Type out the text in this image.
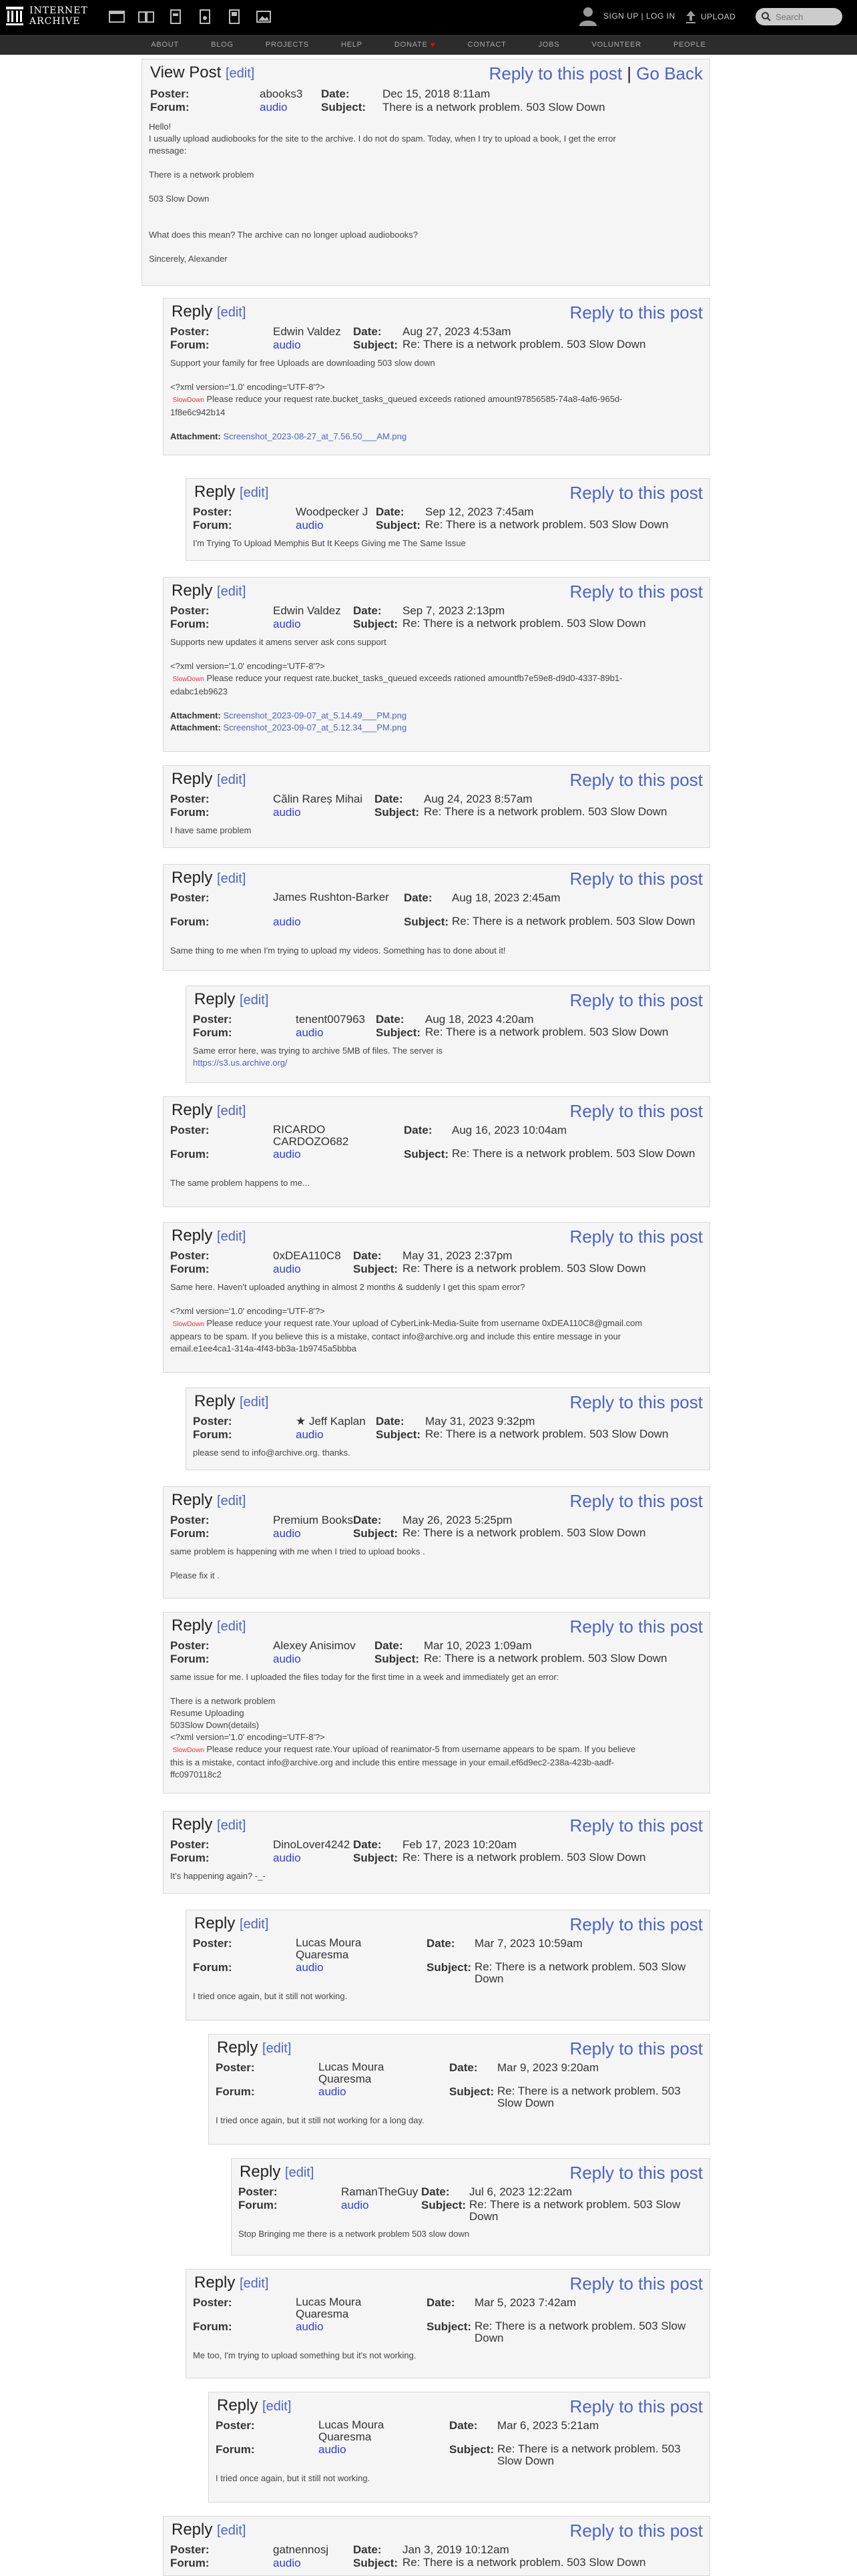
INTERNET
ARCHIVE	SIGN UP | LOG IN	UPLOAD
Search
ABOUT	BLOG	PROJECTS	HELP	DONATE ♥	CONTACT	JOBS	VOLUNTEER	PEOPLE
View Post [edit]	Reply to this post | Go Back
Poster:	abooks3 Date:	Dec 15, 2018 8:11am
Forum:	audio	Subject: There is a network problem. 503 Slow Down
Hello!
I usually upload audiobooks for the site to the archive. I do not do spam. Today, when I try to upload a book, I get the error
message:
There is a network problem
503 Slow Down
What does this mean? The archive can no longer upload audiobooks?
Sincerely, Alexander
Reply [edit]	Reply to this post
Poster:	Edwin Valdez Date: Aug 27, 2023 4:53am
Forum:	audio	Subject: Re: There is a network problem. 503 Slow Down
Support your family for free Uploads are downloading 503 slow down
<?xml version='1.0' encoding='UTF-8'?>
SlowDown Please reduce your request rate.bucket_tasks_queued exceeds rationed amount97856585-74a8-4af6-965d-
1f8e6c942b14
Attachment: Screenshot_2023-08-27_at_7.56.50___AM.png
Reply [edit]	Reply to this post
Poster:	Woodpecker J Date: Sep 12, 2023 7:45am
Forum:	audio	Subject: Re: There is a network problem. 503 Slow Down
I'm Trying To Upload Memphis But It Keeps Giving me The Same Issue
Reply [edit]	Reply to this post
Poster:	Edwin Valdez Date: Sep 7, 2023 2:13pm
Forum:	audio	Subject: Re: There is a network problem. 503 Slow Down
Supports new updates it amens server ask cons support
<?xml version='1.0' encoding='UTF-8'?>
SlowDown Please reduce your request rate.bucket_tasks_queued exceeds rationed amountfb7e59e8-d9d0-4337-89b1-
edabc1eb9623
Attachment: Screenshot_2023-09-07_at_5.14.49___PM.png
Attachment: Screenshot_2023-09-07_at_5.12.34___PM.png
Reply [edit]	Reply to this post
Poster:	Călin Rareș Mihai Date: Aug 24, 2023 8:57am
Forum:	audio	Subject: Re: There is a network problem. 503 Slow Down
I have same problem
Reply [edit]	Reply to this post
Poster:	James Rushton-Barker	Date: Aug 18, 2023 2:45am
Forum:	audio	Subject: Re: There is a network problem. 503 Slow Down
Same thing to me when I'm trying to upload my videos. Something has to done about it!
Reply [edit]	Reply to this post
Poster:	tenent007963 Date: Aug 18, 2023 4:20am
Forum:	audio	Subject: Re: There is a network problem. 503 Slow Down
Same error here, was trying to archive 5MB of files. The server is
https://s3.us.archive.org/
Reply [edit]	Reply to this post
Poster:	RICARDO CARDOZO682
Date: Aug 16, 2023 10:04am
Forum:	audio	Subject: Re: There is a network problem. 503 Slow Down
The same problem happens to me...
Reply [edit]	Reply to this post
Poster:	0xDEA110C8 Date: May 31, 2023 2:37pm
Forum:	audio	Subject: Re: There is a network problem. 503 Slow Down
Same here. Haven't uploaded anything in almost 2 months & suddenly I get this spam error?
<?xml version='1.0' encoding='UTF-8'?>
SlowDown Please reduce your request rate.Your upload of CyberLink-Media-Suite from username 0xDEA110C8@gmail.com
appears to be spam. If you believe this is a mistake, contact info@archive.org and include this entire message in your
email.e1ee4ca1-314a-4f43-bb3a-1b9745a5bbba
Reply [edit]	Reply to this post
Poster:	★ Jeff Kaplan Date: May 31, 2023 9:32pm
Forum:	audio	Subject: Re: There is a network problem. 503 Slow Down
please send to info@archive.org. thanks.
Reply [edit]	Reply to this post
Poster:	Premium Books Date: May 26, 2023 5:25pm
Forum:	audio	Subject: Re: There is a network problem. 503 Slow Down
same problem is happening with me when I tried to upload books .
Please fix it .
Reply [edit]	Reply to this post
Poster:	Alexey Anisimov Date: Mar 10, 2023 1:09am
Forum:	audio	Subject: Re: There is a network problem. 503 Slow Down
same issue for me. I uploaded the files today for the first time in a week and immediately get an error:
There is a network problem
Resume Uploading
503Slow Down(details)
<?xml version='1.0' encoding='UTF-8'?>
SlowDown Please reduce your request rate.Your upload of reanimator-5 from username appears to be spam. If you believe
this is a mistake, contact info@archive.org and include this entire message in your email.ef6d9ec2-238a-423b-aadf-
ffc0970118c2
Reply [edit]	Reply to this post
Poster:	DinoLover4242 Date: Feb 17, 2023 10:20am
Forum:	audio	Subject: Re: There is a network problem. 503 Slow Down
It's happening again? -_-
Reply [edit]	Reply to this post
Poster:	Lucas Moura Quaresma
Date: Mar 7, 2023 10:59am
Forum:	audio	Subject: Re: There is a network problem. 503 Slow Down
I tried once again, but it still not working.
Reply [edit]	Reply to this post
Poster:	Lucas Moura Quaresma
Date: Mar 9, 2023 9:20am
Forum:	audio	Subject: Re: There is a network problem. 503 Slow Down
I tried once again, but it still not working for a long day.
Reply [edit]	Reply to this post
Poster:	RamanTheGuy Date: Jul 6, 2023 12:22am
Forum:	audio	Subject: Re: There is a network problem. 503 Slow Down
Stop Bringing me there is a network problem 503 slow down
Reply [edit]	Reply to this post
Poster:	Lucas Moura Quaresma
Date: Mar 5, 2023 7:42am
Forum:	audio	Subject: Re: There is a network problem. 503 Slow Down
Me too, I'm trying to upload something but it's not working.
Reply [edit]	Reply to this post
Poster:	Lucas Moura Quaresma
Date: Mar 6, 2023 5:21am
Forum:	audio	Subject: Re: There is a network problem. 503 Slow Down
I tried once again, but it still not working.
Reply [edit]	Reply to this post
Poster:	gatnennosj Date: Jan 3, 2019 10:12am
Forum:	audio	Subject: Re: There is a network problem. 503 Slow Down
